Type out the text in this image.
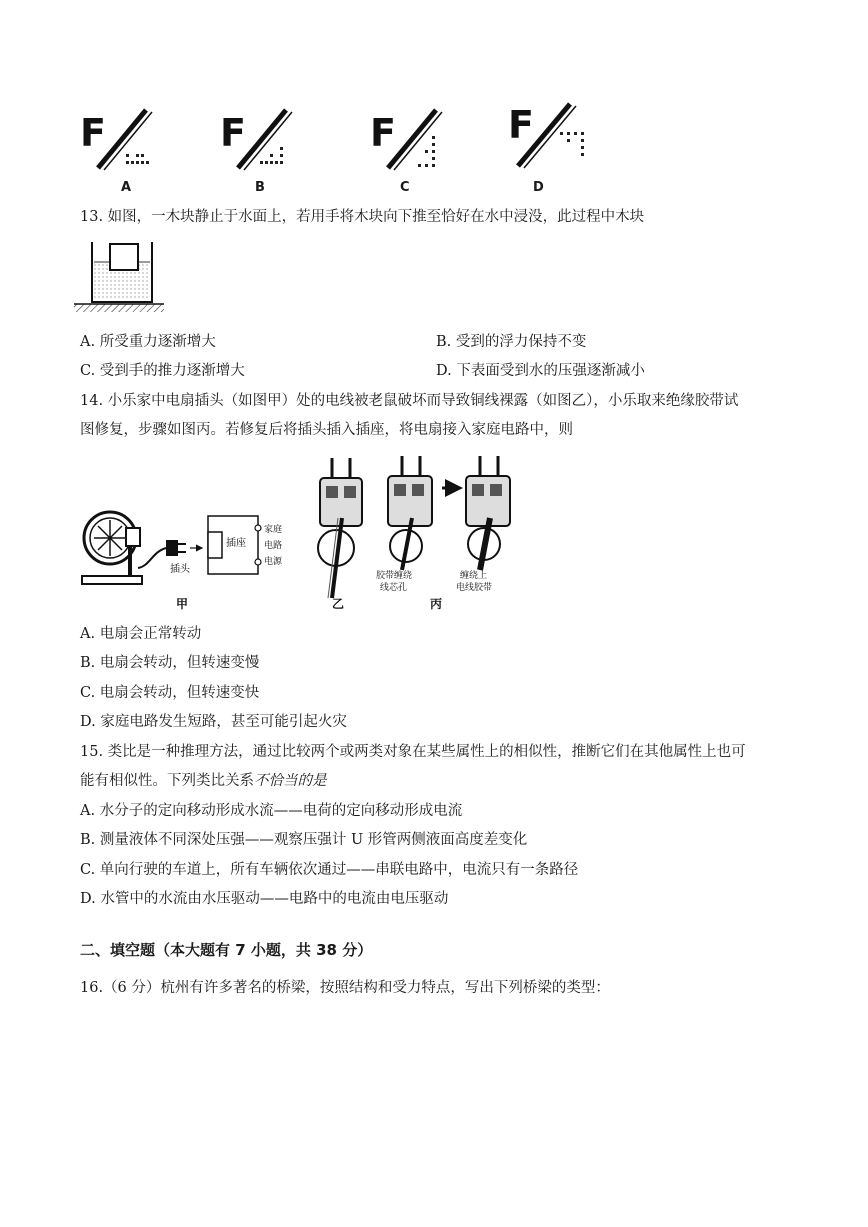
F	F	F	F
A	B	C	D
13. 如图，一木块静止于水面上，若用手将木块向下推至恰好在水中浸没，此过程中木块
A. 所受重力逐渐增大	B. 受到的浮力保持不变
C. 受到手的推力逐渐增大	D. 下表面受到水的压强逐渐减小
14. 小乐家中电扇插头（如图甲）处的电线被老鼠破坏而导致铜线裸露（如图乙），小乐取来绝缘胶带试
图修复，步骤如图丙。若修复后将插头插入插座，将电扇接入家庭电路中，则
插头
插座
家庭
电路
电源
甲	乙
胶带缠绕
线芯孔
丙
缠绕上
电线胶带
A. 电扇会正常转动
B. 电扇会转动，但转速变慢
C. 电扇会转动，但转速变快
D. 家庭电路发生短路，甚至可能引起火灾
15. 类比是一种推理方法，通过比较两个或两类对象在某些属性上的相似性，推断它们在其他属性上也可
能有相似性。下列类比关系不恰当的是
A. 水分子的定向移动形成水流——电荷的定向移动形成电流
B. 测量液体不同深处压强——观察压强计 U 形管两侧液面高度差变化
C. 单向行驶的车道上，所有车辆依次通过——串联电路中，电流只有一条路径
D. 水管中的水流由水压驱动——电路中的电流由电压驱动
二、填空题（本大题有 7 小题，共 38 分）
16.（6 分）杭州有许多著名的桥梁，按照结构和受力特点，写出下列桥梁的类型：
